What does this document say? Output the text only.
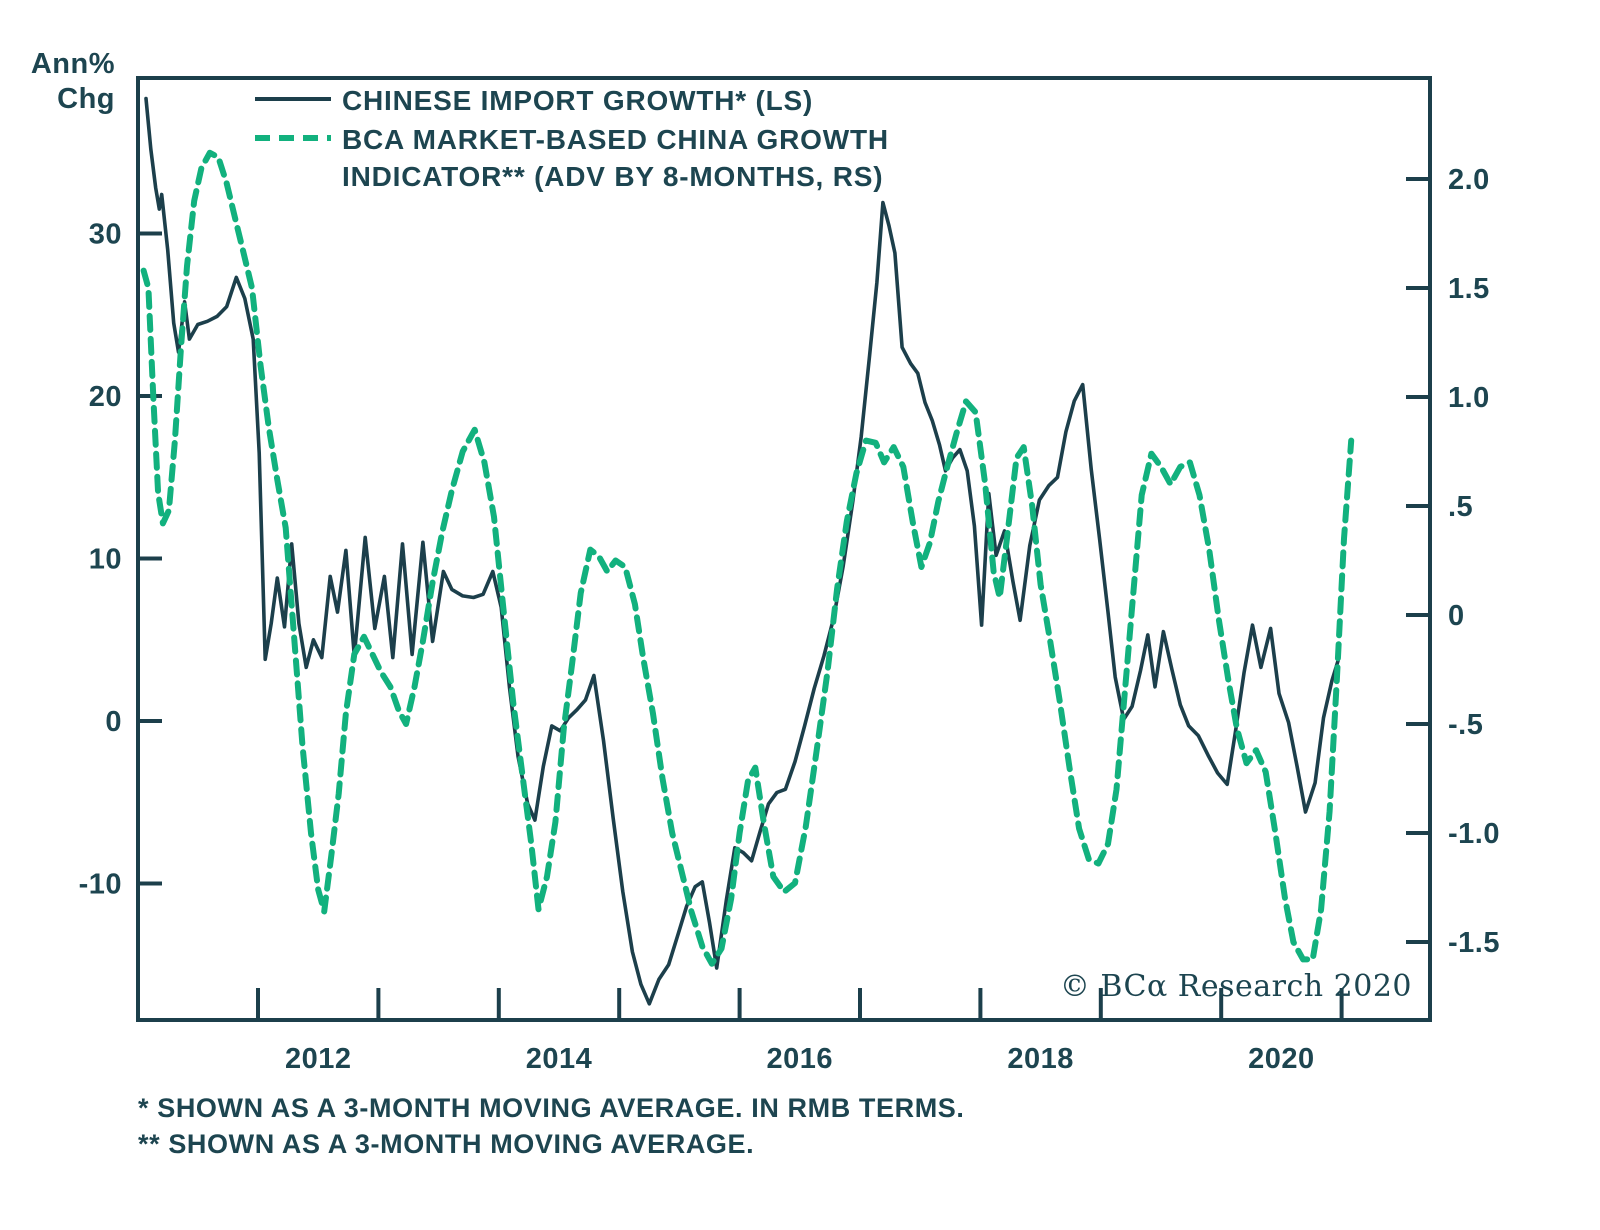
30
20
10
0
-10
2.0
1.5
1.0
.5
0
-.5
-1.0
-1.5
2012	2014	2016	2018	2020
Ann%
Chg	CHINESE IMPORT GROWTH* (LS)
BCA MARKET-BASED CHINA GROWTH
INDICATOR** (ADV BY 8-MONTHS, RS)
© BCα Research 2020
* SHOWN AS A 3-MONTH MOVING AVERAGE. IN RMB TERMS.
** SHOWN AS A 3-MONTH MOVING AVERAGE.
